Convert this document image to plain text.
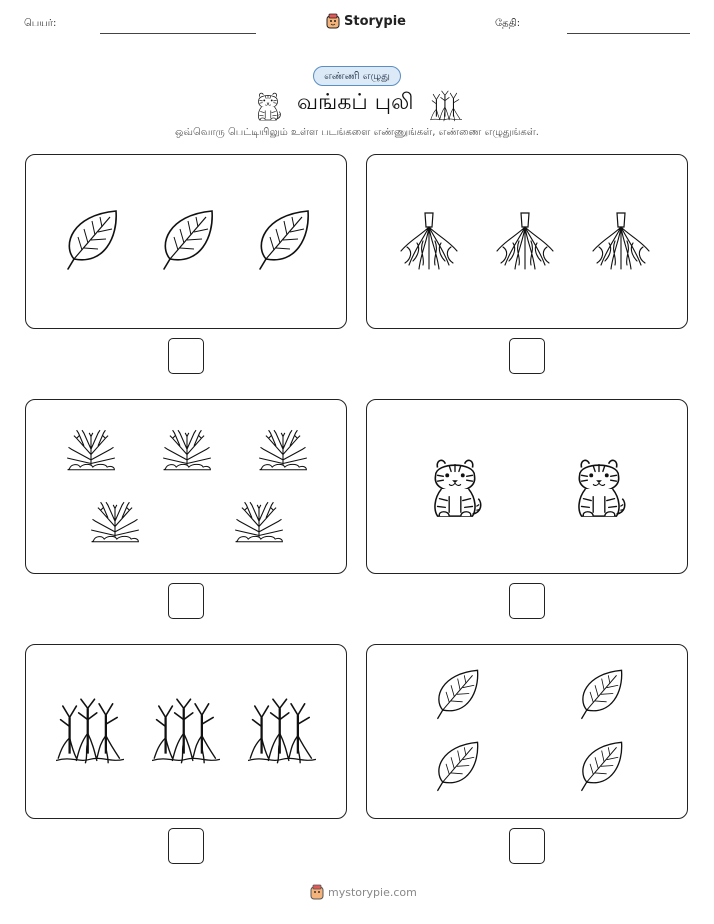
பெயர்:	Storypie	தேதி:
எண்ணி எழுது
வங்கப் புலி
ஒவ்வொரு பெட்டியிலும் உள்ள படங்களை எண்ணுங்கள், எண்ணை எழுதுங்கள்.
mystorypie.com
